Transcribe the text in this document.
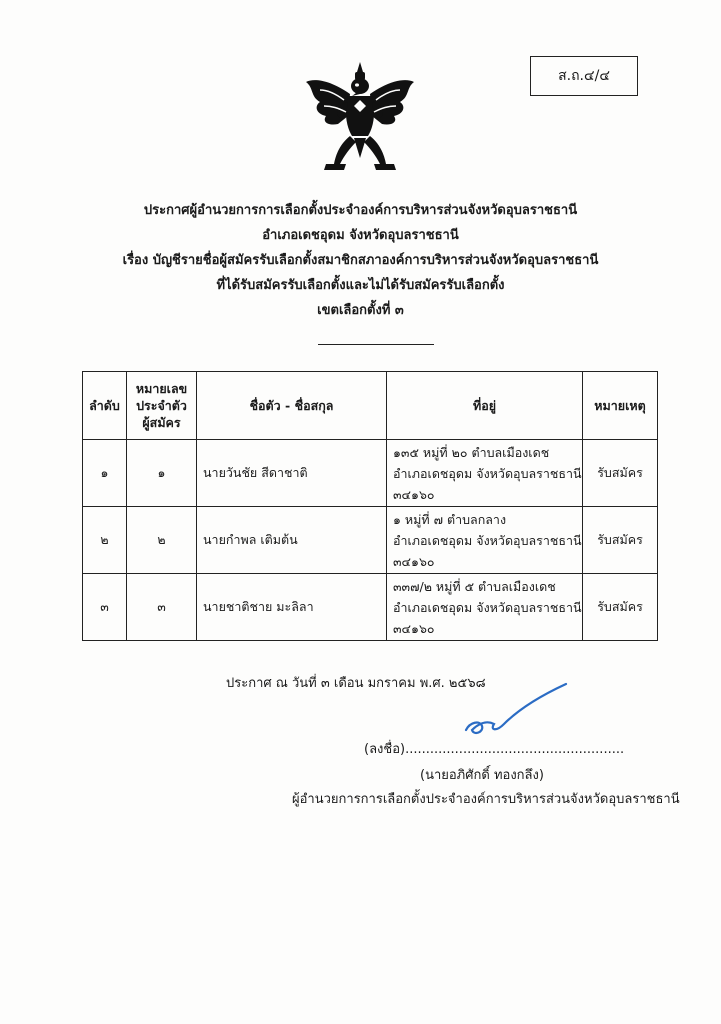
ส.ถ.๔/๔
ประกาศผู้อำนวยการการเลือกตั้งประจำองค์การบริหารส่วนจังหวัดอุบลราชธานี
อำเภอเดชอุดม จังหวัดอุบลราชธานี
เรื่อง บัญชีรายชื่อผู้สมัครรับเลือกตั้งสมาชิกสภาองค์การบริหารส่วนจังหวัดอุบลราชธานี
ที่ได้รับสมัครรับเลือกตั้งและไม่ได้รับสมัครรับเลือกตั้ง
เขตเลือกตั้งที่ ๓
ลำดับ	หมายเลข
ประจำตัว
ผู้สมัคร	ชื่อตัว - ชื่อสกุล	ที่อยู่	หมายเหตุ
๑	๑	นายวันชัย สีดาชาติ	๑๓๕ หมู่ที่ ๒๐ ตำบลเมืองเดช
อำเภอเดชอุดม จังหวัดอุบลราชธานี
๓๔๑๖๐	รับสมัคร
๒	๒	นายกำพล เติมต้น	๑ หมู่ที่ ๗ ตำบลกลาง
อำเภอเดชอุดม จังหวัดอุบลราชธานี
๓๔๑๖๐	รับสมัคร
๓	๓	นายชาติชาย มะลิลา	๓๓๗/๒ หมู่ที่ ๕ ตำบลเมืองเดช
อำเภอเดชอุดม จังหวัดอุบลราชธานี
๓๔๑๖๐	รับสมัคร
ประกาศ ณ วันที่ ๓ เดือน มกราคม พ.ศ. ๒๕๖๘
(ลงชื่อ).....................................................
(นายอภิศักดิ์ ทองกลึง)
ผู้อำนวยการการเลือกตั้งประจำองค์การบริหารส่วนจังหวัดอุบลราชธานี
